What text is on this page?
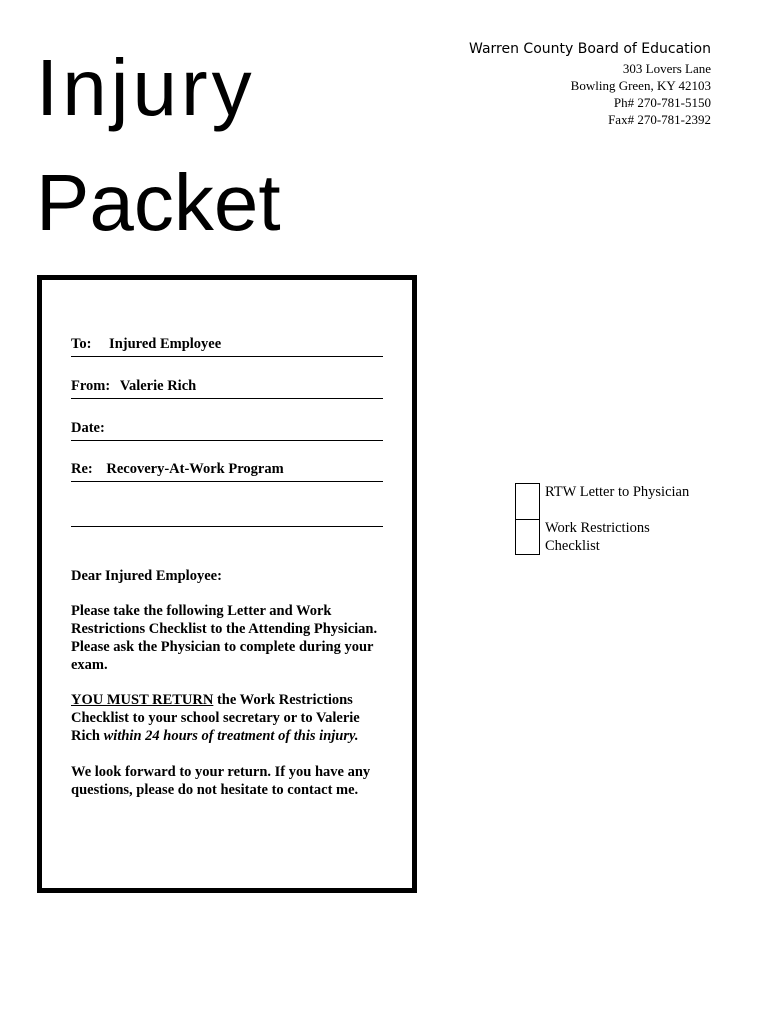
Injury
Packet
Warren County Board of Education
303 Lovers Lane
Bowling Green, KY 42103
Ph# 270-781-5150
Fax# 270-781-2392
To: Injured Employee
From: Valerie Rich
Date:
Re: Recovery-At-Work Program

Dear Injured Employee:

Please take the following Letter and Work Restrictions Checklist to the Attending Physician. Please ask the Physician to complete during your exam.

YOU MUST RETURN the Work Restrictions Checklist to your school secretary or to Valerie Rich within 24 hours of treatment of this injury.

We look forward to your return. If you have any questions, please do not hesitate to contact me.

RTW Letter to Physician
Work Restrictions Checklist
